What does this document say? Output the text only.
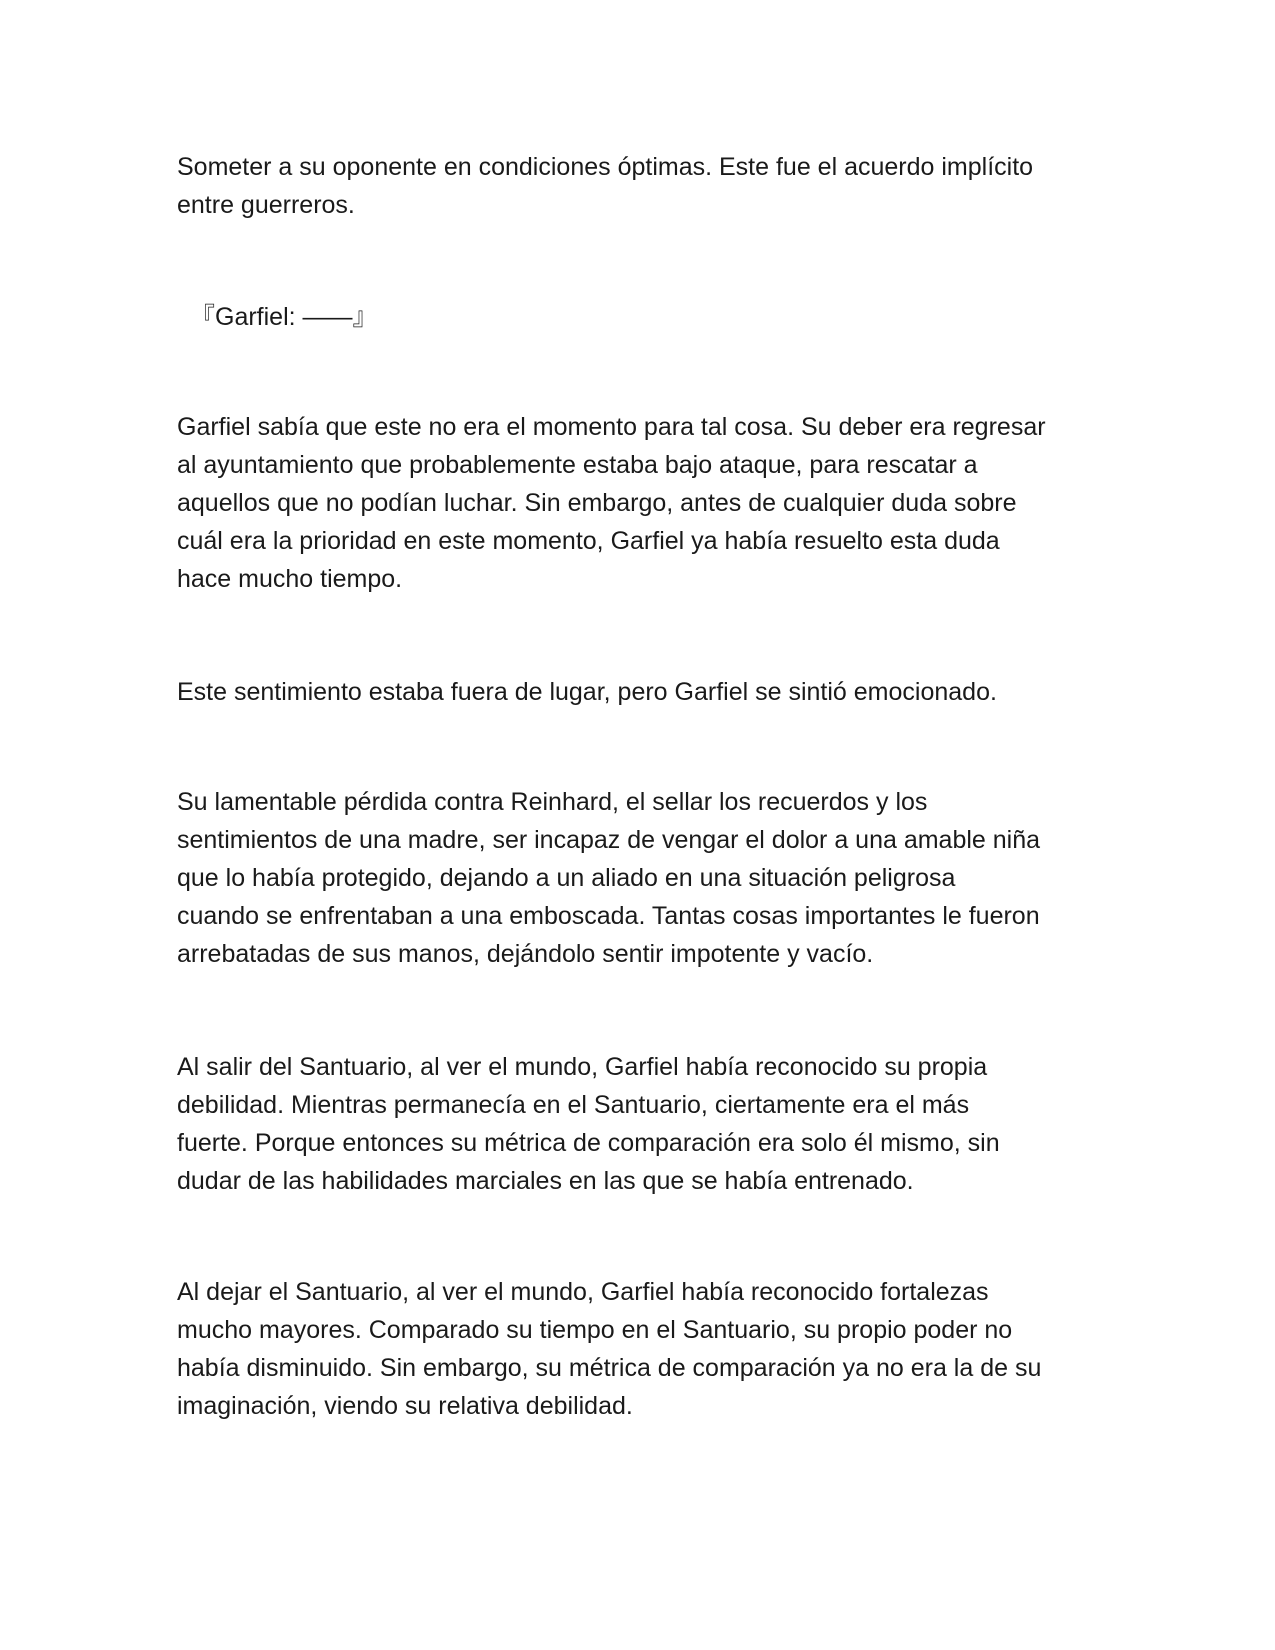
Someter a su oponente en condiciones óptimas. Este fue el acuerdo implícito
entre guerreros.

『Garfiel: ——』

Garfiel sabía que este no era el momento para tal cosa. Su deber era regresar
al ayuntamiento que probablemente estaba bajo ataque, para rescatar a
aquellos que no podían luchar. Sin embargo, antes de cualquier duda sobre
cuál era la prioridad en este momento, Garfiel ya había resuelto esta duda
hace mucho tiempo.

Este sentimiento estaba fuera de lugar, pero Garfiel se sintió emocionado.

Su lamentable pérdida contra Reinhard, el sellar los recuerdos y los
sentimientos de una madre, ser incapaz de vengar el dolor a una amable niña
que lo había protegido, dejando a un aliado en una situación peligrosa
cuando se enfrentaban a una emboscada. Tantas cosas importantes le fueron
arrebatadas de sus manos, dejándolo sentir impotente y vacío.

Al salir del Santuario, al ver el mundo, Garfiel había reconocido su propia
debilidad. Mientras permanecía en el Santuario, ciertamente era el más
fuerte. Porque entonces su métrica de comparación era solo él mismo, sin
dudar de las habilidades marciales en las que se había entrenado.

Al dejar el Santuario, al ver el mundo, Garfiel había reconocido fortalezas
mucho mayores. Comparado su tiempo en el Santuario, su propio poder no
había disminuido. Sin embargo, su métrica de comparación ya no era la de su
imaginación, viendo su relativa debilidad.
